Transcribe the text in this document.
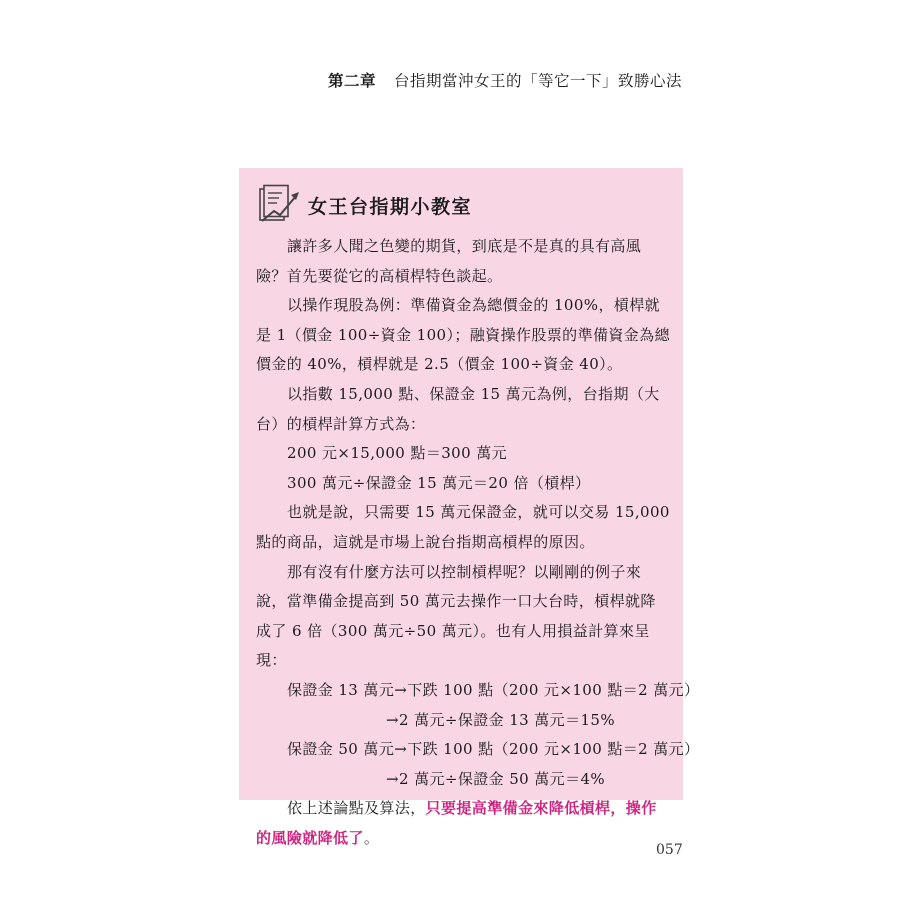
第二章 台指期當沖女王的「等它一下」致勝心法
女王台指期小教室

讓許多人聞之色變的期貨，到底是不是真的具有高風險？首先要從它的高槓桿特色談起。

以操作現股為例：準備資金為總價金的 100%，槓桿就是 1（價金 100÷資金 100）；融資操作股票的準備資金為總價金的 40%，槓桿就是 2.5（價金 100÷資金 40）。

以指數 15,000 點、保證金 15 萬元為例，台指期（大台）的槓桿計算方式為：

200 元×15,000 點＝300 萬元

300 萬元÷保證金 15 萬元＝20 倍（槓桿）

也就是說，只需要 15 萬元保證金，就可以交易 15,000 點的商品，這就是市場上說台指期高槓桿的原因。

那有沒有什麼方法可以控制槓桿呢？以剛剛的例子來說，當準備金提高到 50 萬元去操作一口大台時，槓桿就降成了 6 倍（300 萬元÷50 萬元）。也有人用損益計算來呈現：

保證金 13 萬元→下跌 100 點（200 元×100 點＝2 萬元）

→2 萬元÷保證金 13 萬元＝15%

保證金 50 萬元→下跌 100 點（200 元×100 點＝2 萬元）

→2 萬元÷保證金 50 萬元＝4%

依上述論點及算法，只要提高準備金來降低槓桿，操作的風險就降低了。

057
